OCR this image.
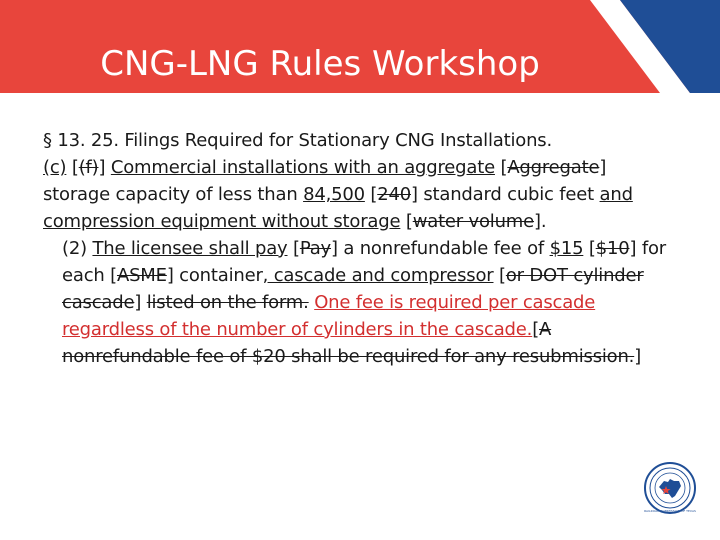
CNG-LNG Rules Workshop

§ 13. 25. Filings Required for Stationary CNG Installations.

(c) [(f)] Commercial installations with an aggregate [Aggregate] storage capacity of less than 84,500 [240] standard cubic feet and compression equipment without storage [water volume].

(2) The licensee shall pay [Pay] a nonrefundable fee of $15 [$10] for each [ASME] container, cascade and compressor [or DOT cylinder cascade] listed on the form. One fee is required per cascade regardless of the number of cylinders in the cascade.[A nonrefundable fee of $20 shall be required for any resubmission.]

RAILROAD COMMISSION OF TEXAS
